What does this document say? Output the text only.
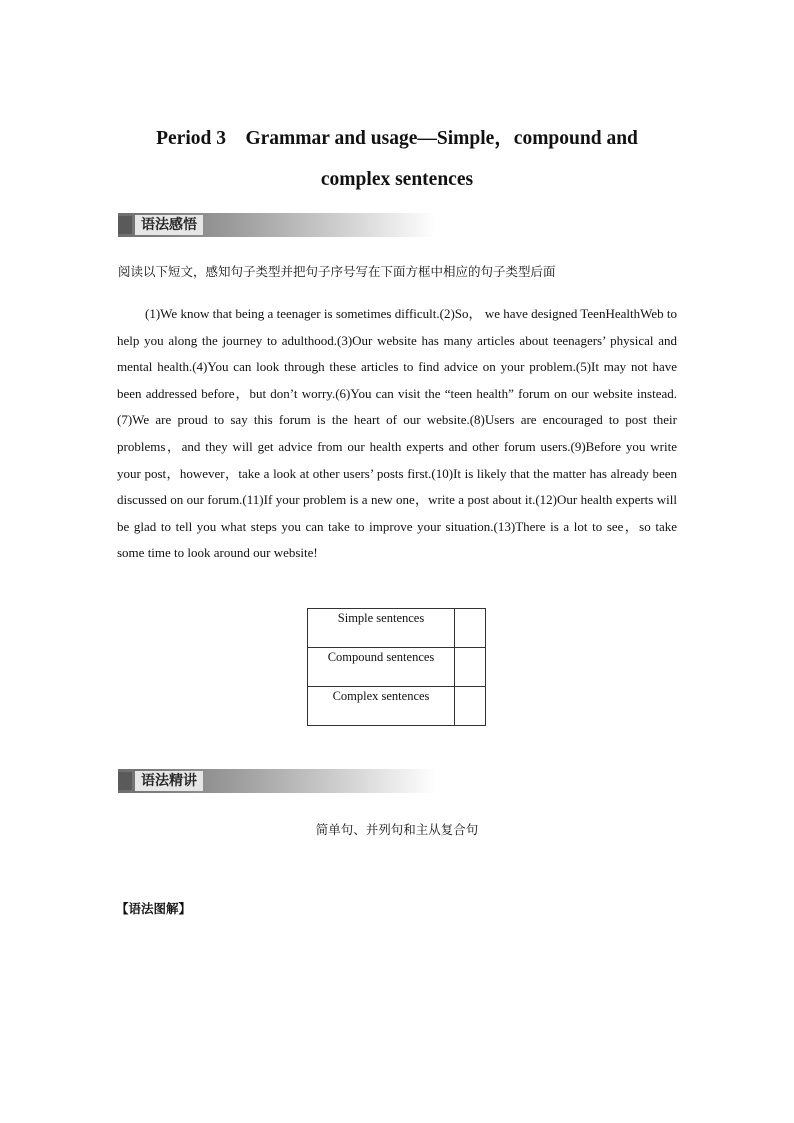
Period 3　Grammar and usage—Simple，compound and
complex sentences
语法感悟
阅读以下短文，感知句子类型并把句子序号写在下面方框中相应的句子类型后面

(1)We know that being a teenager is sometimes difficult.(2)So， we have designed TeenHealthWeb to help you along the journey to adulthood.(3)Our website has many articles about teenagers’ physical and mental health.(4)You can look through these articles to find advice on your problem.(5)It may not have been addressed before，but don’t worry.(6)You can visit the “teen health” forum on our website instead.(7)We are proud to say this forum is the heart of our website.(8)Users are encouraged to post their problems，and they will get advice from our health experts and other forum users.(9)Before you write your post，however，take a look at other users’ posts first.(10)It is likely that the matter has already been discussed on our forum.(11)If your problem is a new one，write a post about it.(12)Our health experts will be glad to tell you what steps you can take to improve your situation.(13)There is a lot to see，so take some time to look around our website!

Simple sentences	
Compound sentences	
Complex sentences	
语法精讲
简单句、并列句和主从复合句
【语法图解】
